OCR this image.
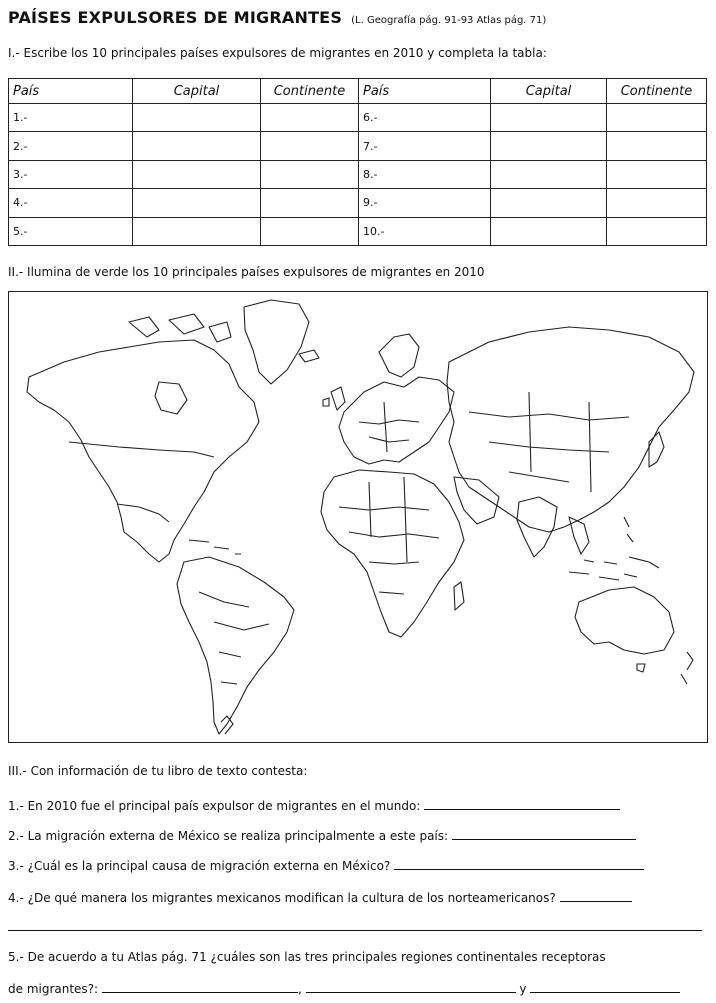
PAÍSES EXPULSORES DE MIGRANTES (L. Geografía pág. 91-93 Atlas pág. 71)
I.- Escribe los 10 principales países expulsores de migrantes en 2010 y completa la tabla:
País	Capital	Continente	País	Capital	Continente
1.-			6.-		
2.-			7.-		
3.-			8.-		
4.-			9.-		
5.-			10.-		
II.- Ilumina de verde los 10 principales países expulsores de migrantes en 2010
III.- Con información de tu libro de texto contesta:
1.- En 2010 fue el principal país expulsor de migrantes en el mundo:
2.- La migración externa de México se realiza principalmente a este país:
3.- ¿Cuál es la principal causa de migración externa en México?
4.- ¿De qué manera los migrantes mexicanos modifican la cultura de los norteamericanos?
5.- De acuerdo a tu Atlas pág. 71 ¿cuáles son las tres principales regiones continentales receptoras
de migrantes?:	,	y
